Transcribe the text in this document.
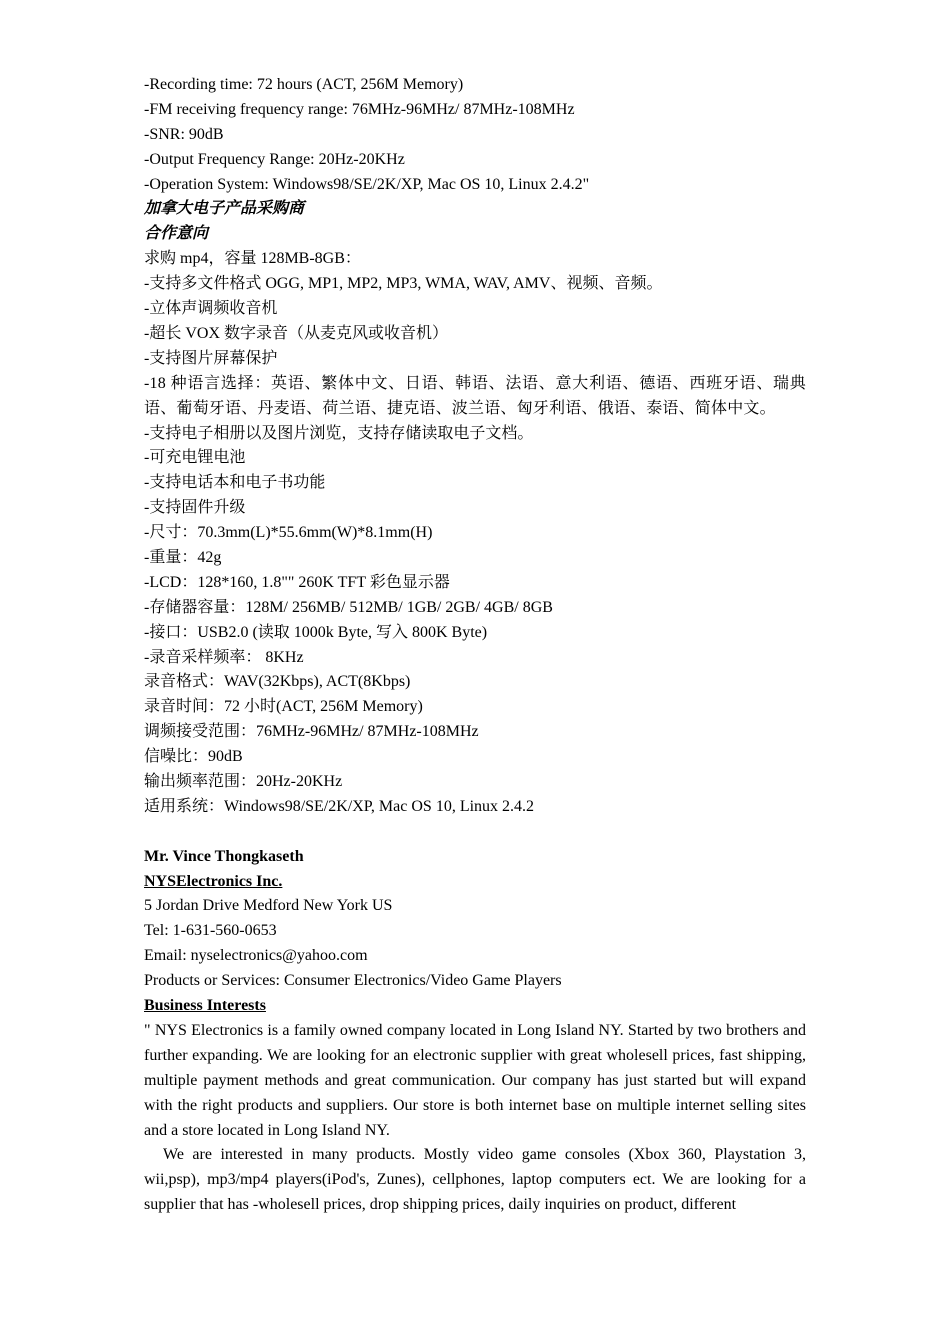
-Recording time: 72 hours (ACT, 256M Memory)
-FM receiving frequency range: 76MHz-96MHz/ 87MHz-108MHz
-SNR: 90dB
-Output Frequency Range: 20Hz-20KHz
-Operation System: Windows98/SE/2K/XP, Mac OS 10, Linux 2.4.2"
加拿大电子产品采购商
合作意向
求购 mp4，容量 128MB-8GB：
-支持多文件格式 OGG, MP1, MP2, MP3, WMA, WAV, AMV、视频、音频。
-立体声调频收音机
-超长 VOX 数字录音（从麦克风或收音机）
-支持图片屏幕保护
-18 种语言选择：英语、繁体中文、日语、韩语、法语、意大利语、德语、西班牙语、瑞典语、葡萄牙语、丹麦语、荷兰语、捷克语、波兰语、匈牙利语、俄语、泰语、简体中文。
-支持电子相册以及图片浏览，支持存储读取电子文档。
-可充电锂电池
-支持电话本和电子书功能
-支持固件升级
-尺寸：70.3mm(L)*55.6mm(W)*8.1mm(H)
-重量：42g
-LCD：128*160, 1.8"" 260K TFT 彩色显示器
-存储器容量：128M/ 256MB/ 512MB/ 1GB/ 2GB/ 4GB/ 8GB
-接口：USB2.0 (读取 1000k Byte, 写入 800K Byte)
-录音采样频率： 8KHz
录音格式：WAV(32Kbps), ACT(8Kbps)
录音时间：72 小时(ACT, 256M Memory)
调频接受范围：76MHz-96MHz/ 87MHz-108MHz
信噪比：90dB
输出频率范围：20Hz-20KHz
适用系统：Windows98/SE/2K/XP, Mac OS 10, Linux 2.4.2
Mr. Vince Thongkaseth
NYSElectronics Inc.
5 Jordan Drive Medford New York US
Tel: 1-631-560-0653
Email: nyselectronics@yahoo.com
Products or Services: Consumer Electronics/Video Game Players
Business Interests
" NYS Electronics is a family owned company located in Long Island NY. Started by two brothers and further expanding. We are looking for an electronic supplier with great wholesell prices, fast shipping, multiple payment methods and great communication. Our company has just started but will expand with the right products and suppliers. Our store is both internet base on multiple internet selling sites and a store located in Long Island NY.
We are interested in many products. Mostly video game consoles (Xbox 360, Playstation 3, wii,psp), mp3/mp4 players(iPod's, Zunes), cellphones, laptop computers ect. We are looking for a supplier that has -wholesell prices, drop shipping prices, daily inquiries on product, different
